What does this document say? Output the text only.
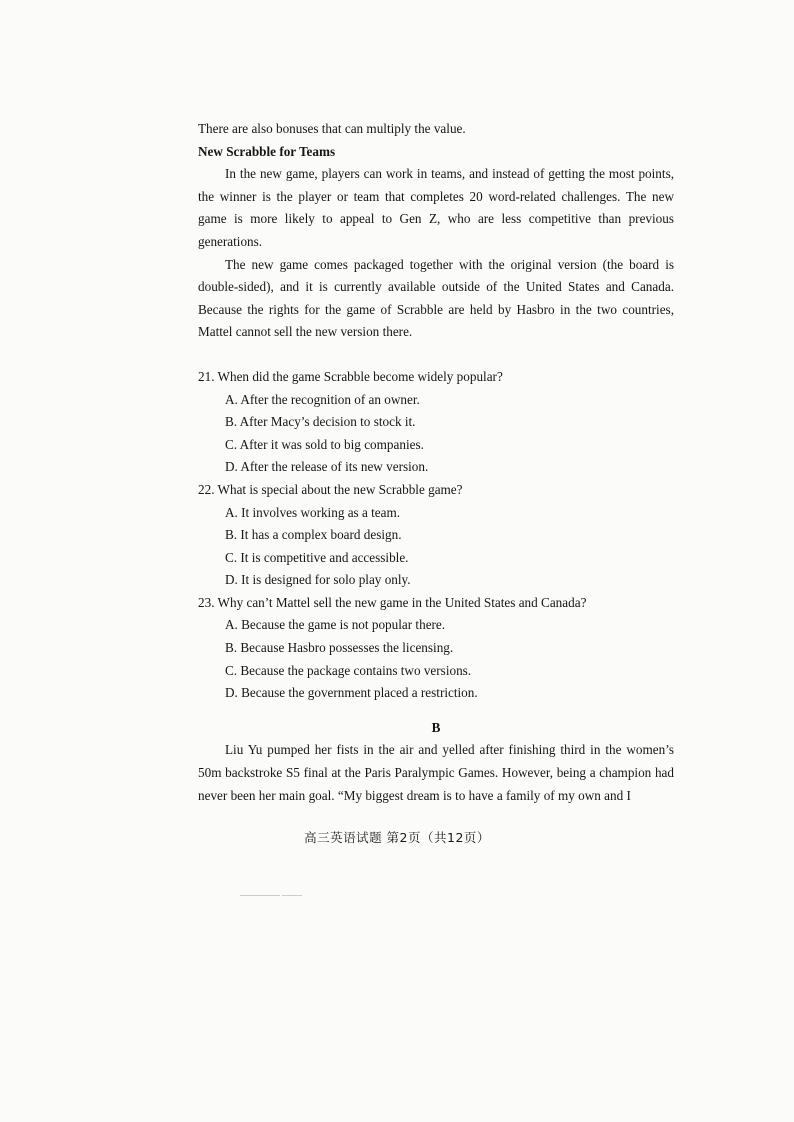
There are also bonuses that can multiply the value.

New Scrabble for Teams

In the new game, players can work in teams, and instead of getting the most points, the winner is the player or team that completes 20 word-related challenges. The new game is more likely to appeal to Gen Z, who are less competitive than previous generations.

The new game comes packaged together with the original version (the board is double-sided), and it is currently available outside of the United States and Canada. Because the rights for the game of Scrabble are held by Hasbro in the two countries, Mattel cannot sell the new version there.

21. When did the game Scrabble become widely popular?

A. After the recognition of an owner.
B. After Macy’s decision to stock it.
C. After it was sold to big companies.
D. After the release of its new version.

22. What is special about the new Scrabble game?

A. It involves working as a team.
B. It has a complex board design.
C. It is competitive and accessible.
D. It is designed for solo play only.

23. Why can’t Mattel sell the new game in the United States and Canada?

A. Because the game is not popular there.
B. Because Hasbro possesses the licensing.
C. Because the package contains two versions.
D. Because the government placed a restriction.

B

Liu Yu pumped her fists in the air and yelled after finishing third in the women’s 50m backstroke S5 final at the Paris Paralympic Games. However, being a champion had never been her main goal. “My biggest dream is to have a family of my own and I

高三英语试题 第2页（共12页）
